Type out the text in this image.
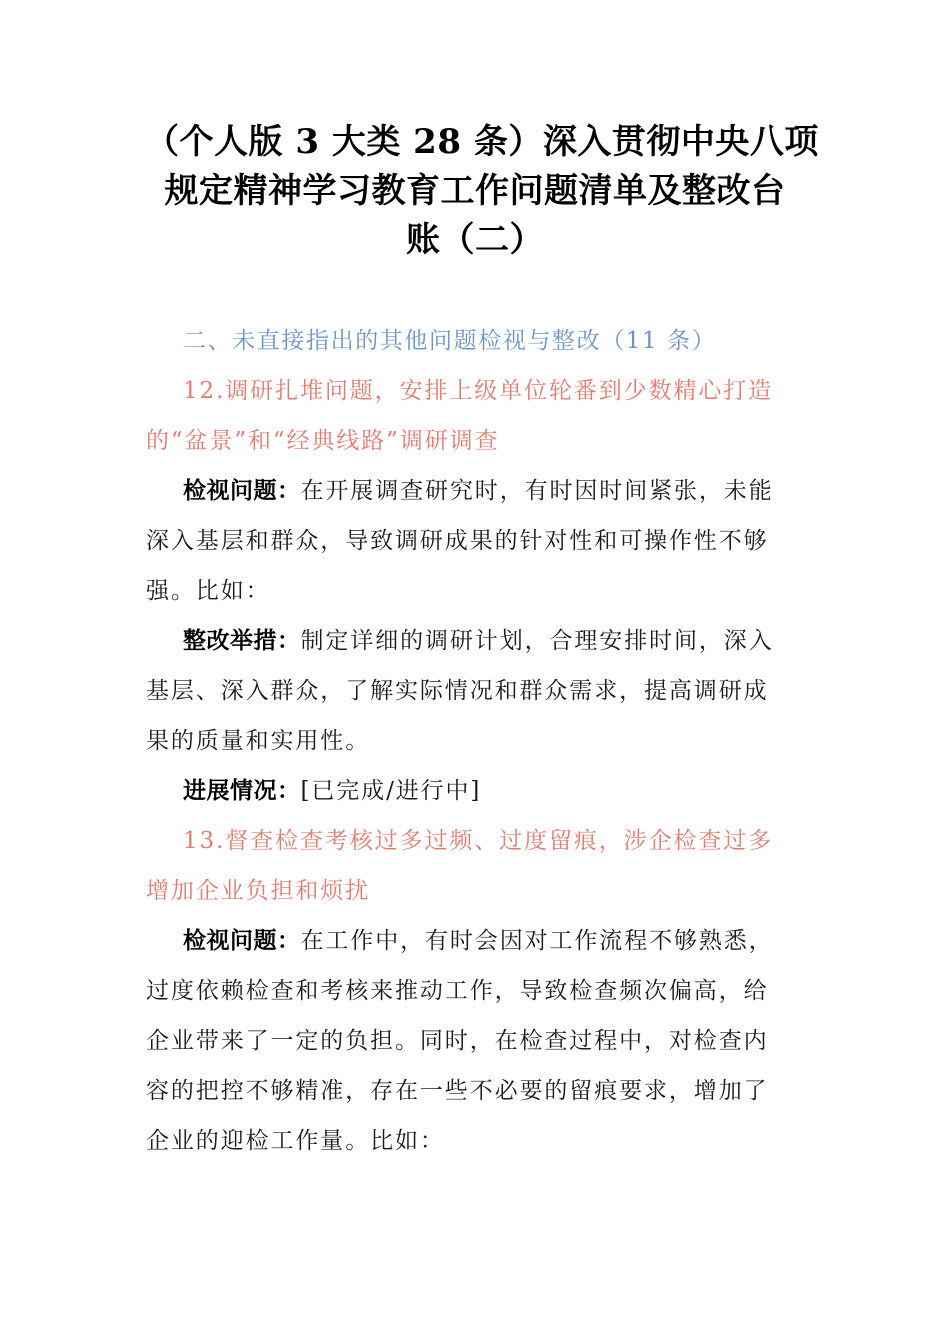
（个人版 3 大类 28 条）深入贯彻中央八项
规定精神学习教育工作问题清单及整改台
账（二）
二、未直接指出的其他问题检视与整改（11 条）
12.调研扎堆问题，安排上级单位轮番到少数精心打造
的“盆景”和“经典线路”调研调查
检视问题：在开展调查研究时，有时因时间紧张，未能
深入基层和群众，导致调研成果的针对性和可操作性不够
强。比如：
整改举措：制定详细的调研计划，合理安排时间，深入
基层、深入群众，了解实际情况和群众需求，提高调研成
果的质量和实用性。
进展情况：[已完成/进行中]
13.督查检查考核过多过频、过度留痕，涉企检查过多
增加企业负担和烦扰
检视问题：在工作中，有时会因对工作流程不够熟悉，
过度依赖检查和考核来推动工作，导致检查频次偏高，给
企业带来了一定的负担。同时，在检查过程中，对检查内
容的把控不够精准，存在一些不必要的留痕要求，增加了
企业的迎检工作量。比如：
